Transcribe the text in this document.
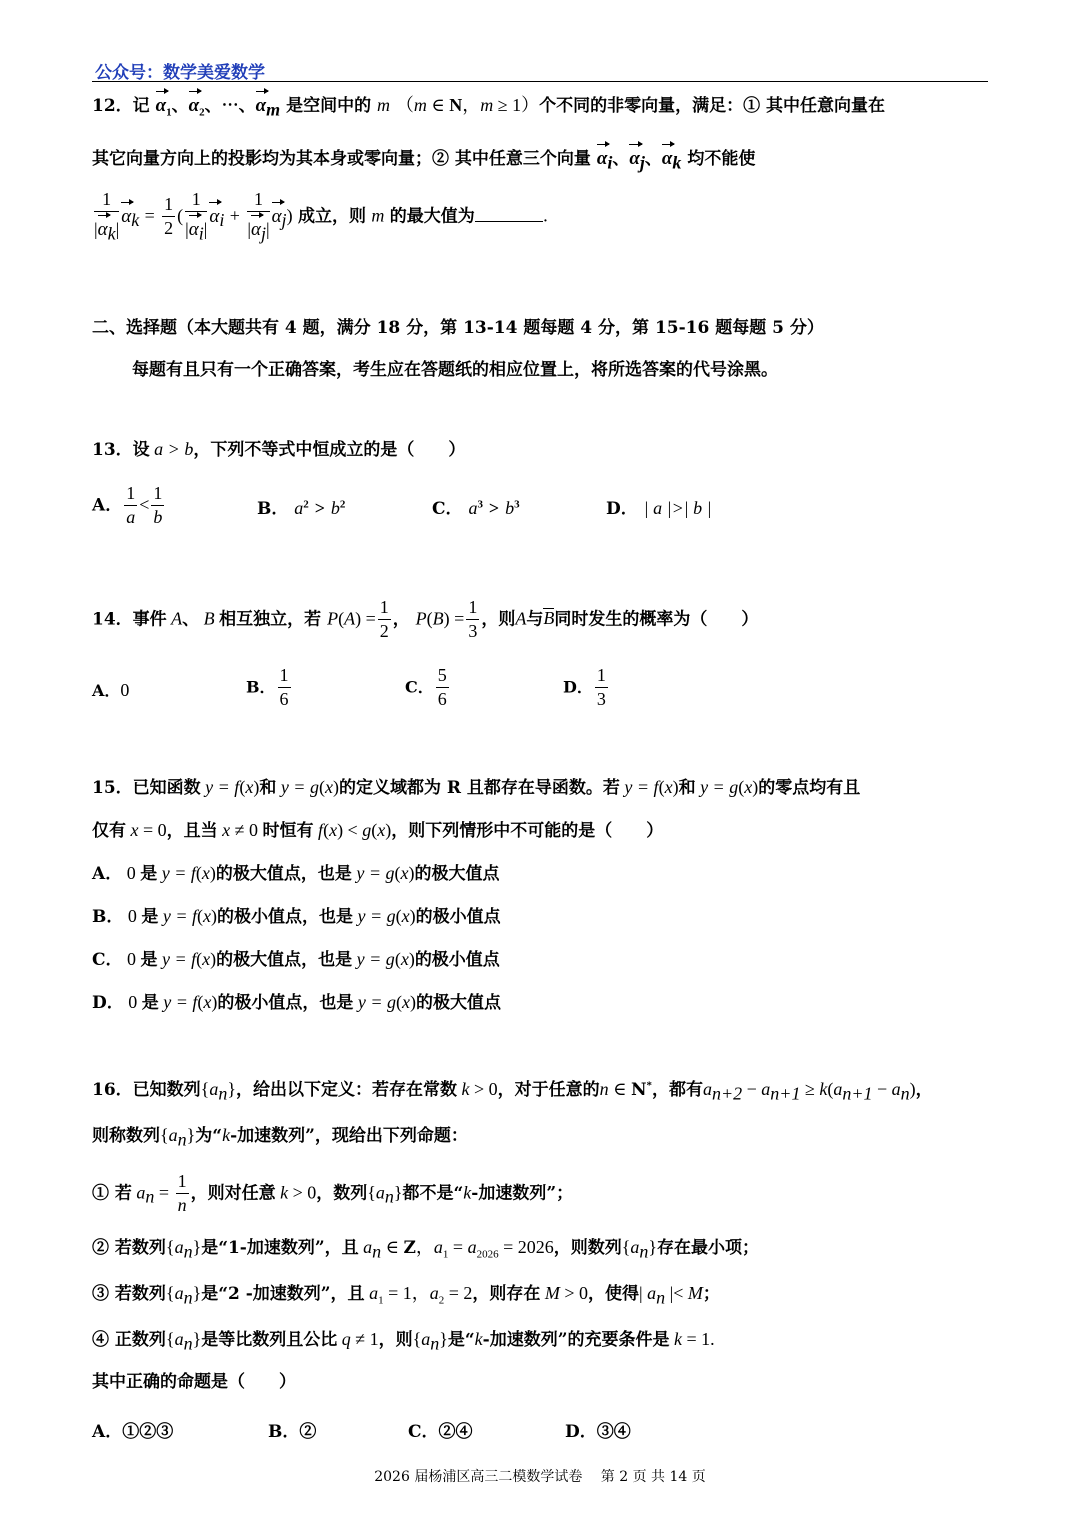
公众号：数学美爱数学
12．记 $\alpha_1$、$\alpha_2$、⋯、$\alpha_m$ 是空间中的 m （m ∈ N，m ≥ 1）个不同的非零向量，满足：① 其中任意向量在
其它向量方向上的投影均为其本身或零向量；② 其中任意三个向量 $\alpha_i$、$\alpha_j$、$\alpha_k$ 均不能使
$\frac{1}{|\alpha_k|} \alpha_k = \frac{1}{2}$ ( $\frac{1}{|\alpha_i|} \alpha_i + \frac{1}{|\alpha_j|} \alpha_j$) 成立，则 m 的最大值为	.
二、选择题（本大题共有 4 题，满分 18 分，第 13-14 题每题 4 分，第 15-16 题每题 5 分）
每题有且只有一个正确答案，考生应在答题纸的相应位置上，将所选答案的代号涂黑。
13．设 a > b，下列不等式中恒成立的是（　　）
A． $\frac{1}{a} < \frac{1}{b}$	B． $a^2 > b^2$	C． $a^3 > b^3$	D． | a |>| b |
14．事件 A、 B 相互独立，若 $P(A) = \frac{1}{2}$ ， $P(B) = \frac{1}{3}$ ，则A与B同时发生的概率为（　　）
A．0	B． $\frac{1}{6}$	C． $\frac{5}{6}$	D． $\frac{1}{3}$
15．已知函数 y = f(x)和 y = g(x)的定义域都为 R 且都存在导函数。若 y = f(x)和 y = g(x)的零点均有且
仅有 x = 0，且当 x ≠ 0 时恒有 f(x) < g(x)，则下列情形中不可能的是（　　）
A． 0 是 y = f(x)的极大值点，也是 y = g(x)的极大值点
B． 0 是 y = f(x)的极小值点，也是 y = g(x)的极小值点
C． 0 是 y = f(x)的极大值点，也是 y = g(x)的极小值点
D． 0 是 y = f(x)的极小值点，也是 y = g(x)的极大值点
16．已知数列$\{a_n\}$，给出以下定义：若存在常数 k > 0，对于任意的n ∈ N*，都有$a_{n+2} - a_{n+1} \ge k(a_{n+1} - a_n)$，
则称数列$\{a_n\}$为“k-加速数列”，现给出下列命题：
① 若 $a_n = \frac{1}{n}$ ，则对任意 k > 0，数列$\{a_n\}$都不是“k-加速数列”；
② 若数列$\{a_n\}$是“1-加速数列”，且 $a_n$ ∈ Z，$a_1 = a_{2026} = 2026$，则数列$\{a_n\}$存在最小项；
③ 若数列$\{a_n\}$是“2 -加速数列”，且 $a_1 = 1$，$a_2 = 2$，则存在 M > 0，使得| $a_n$ |< M；
④ 正数列$\{a_n\}$是等比数列且公比 q ≠ 1，则$\{a_n\}$是“k-加速数列”的充要条件是 k = 1.
其中正确的命题是（　　）
A．①②③	B．②	C．②④	D．③④
2026 届杨浦区高三二模数学试卷　 第 2 页 共 14 页
